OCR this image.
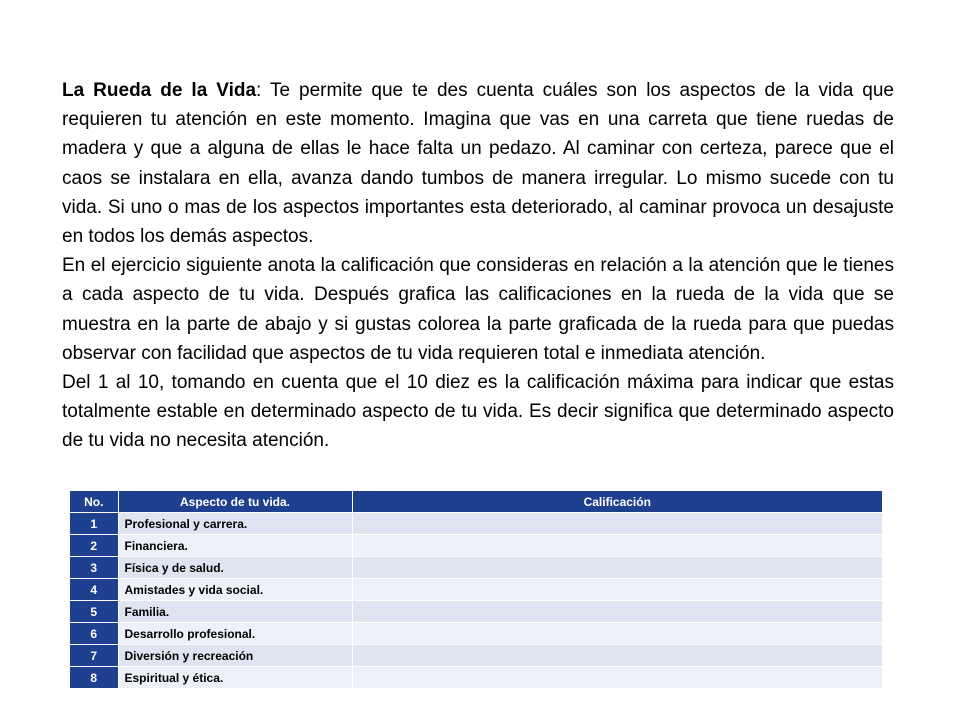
La Rueda de la Vida: Te permite que te des cuenta cuáles son los aspectos de la vida que requieren tu atención en este momento. Imagina que vas en una carreta que tiene ruedas de madera y que a alguna de ellas le hace falta un pedazo. Al caminar con certeza, parece que el caos se instalara en ella, avanza dando tumbos de manera irregular. Lo mismo sucede con tu vida. Si uno o mas de los aspectos importantes esta deteriorado, al caminar provoca un desajuste en todos los demás aspectos.

En el ejercicio siguiente anota la calificación que consideras en relación a la atención que le tienes a cada aspecto de tu vida. Después grafica las calificaciones en la rueda de la vida que se muestra en la parte de abajo y si gustas colorea la parte graficada de la rueda para que puedas observar con facilidad que aspectos de tu vida requieren total e inmediata atención.

Del 1 al 10, tomando en cuenta que el 10 diez es la calificación máxima para indicar que estas totalmente estable en determinado aspecto de tu vida. Es decir significa que determinado aspecto de tu vida no necesita atención.

No.	Aspecto de tu vida.	Calificación
1	Profesional y carrera.	
2	Financiera.	
3	Física y de salud.	
4	Amistades y vida social.	
5	Familia.	
6	Desarrollo profesional.	
7	Diversión y recreación	
8	Espiritual y ética.	
